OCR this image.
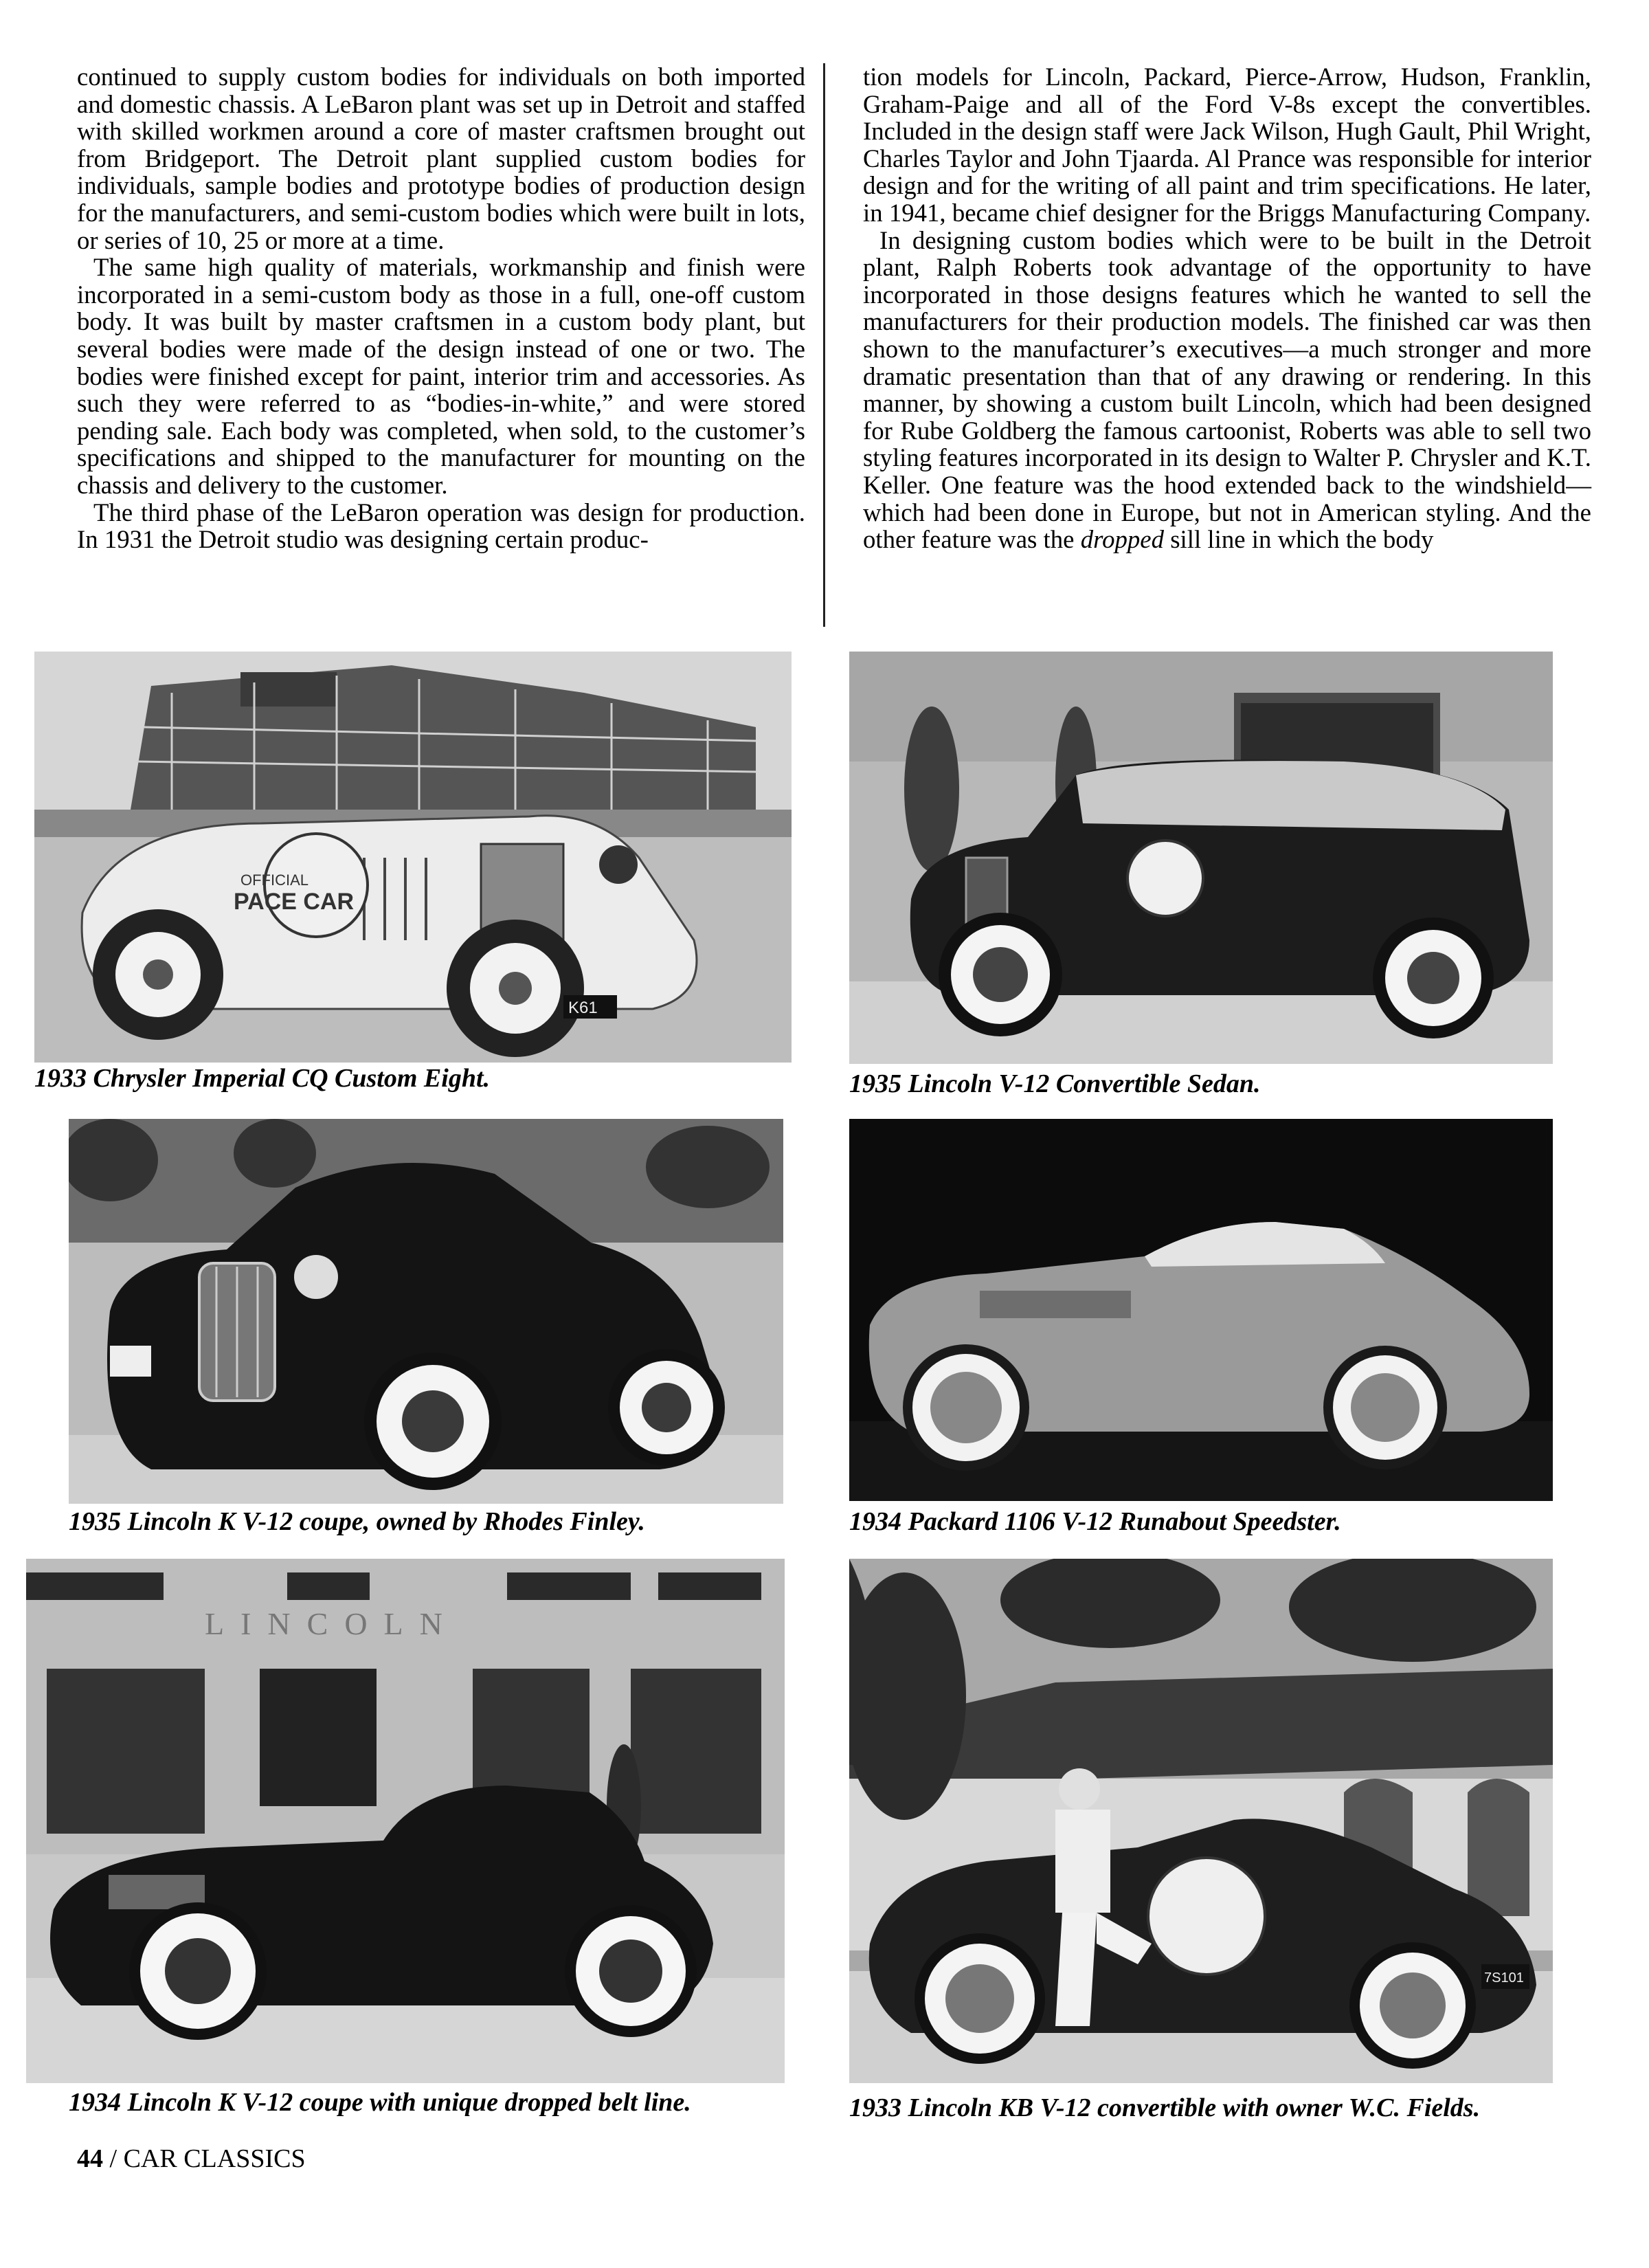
continued to supply custom bodies for individuals on both imported and domestic chassis. A LeBaron plant was set up in Detroit and staffed with skilled workmen around a core of master craftsmen brought out from Bridgeport. The Detroit plant supplied custom bodies for individuals, sample bodies and prototype bodies of production design for the manufacturers, and semi-custom bodies which were built in lots, or series of 10, 25 or more at a time.

The same high quality of materials, workmanship and finish were incorporated in a semi-custom body as those in a full, one-off custom body. It was built by master craftsmen in a custom body plant, but several bodies were made of the design instead of one or two. The bodies were finished except for paint, interior trim and accessories. As such they were referred to as “bodies-in-white,” and were stored pending sale. Each body was completed, when sold, to the customer’s specifications and shipped to the manufacturer for mounting on the chassis and delivery to the customer.

The third phase of the LeBaron operation was design for production. In 1931 the Detroit studio was designing certain produc-

tion models for Lincoln, Packard, Pierce-Arrow, Hudson, Franklin, Graham-Paige and all of the Ford V-8s except the convertibles. Included in the design staff were Jack Wilson, Hugh Gault, Phil Wright, Charles Taylor and John Tjaarda. Al Prance was responsible for interior design and for the writing of all paint and trim specifications. He later, in 1941, became chief designer for the Briggs Manufacturing Company.

In designing custom bodies which were to be built in the Detroit plant, Ralph Roberts took advantage of the opportunity to have incorporated in those designs features which he wanted to sell the manufacturers for their production models. The finished car was then shown to the manufacturer’s executives—a much stronger and more dramatic presentation than that of any drawing or rendering. In this manner, by showing a custom built Lincoln, which had been designed for Rube Goldberg the famous cartoonist, Roberts was able to sell two styling features incorporated in its design to Walter P. Chrysler and K.T. Keller. One feature was the hood extended back to the windshield—which had been done in Europe, but not in American styling. And the other feature was the dropped sill line in which the body

OFFICIAL
PACE CAR
K61
1933 Chrysler Imperial CQ Custom Eight.	1935 Lincoln V-12 Convertible Sedan.
1935 Lincoln K V-12 coupe, owned by Rhodes Finley.	1934 Packard 1106 V-12 Runabout Speedster.
LINCOLN
1934 Lincoln K V-12 coupe with unique dropped belt line.
7S101
1933 Lincoln KB V-12 convertible with owner W.C. Fields.
44 / CAR CLASSICS
